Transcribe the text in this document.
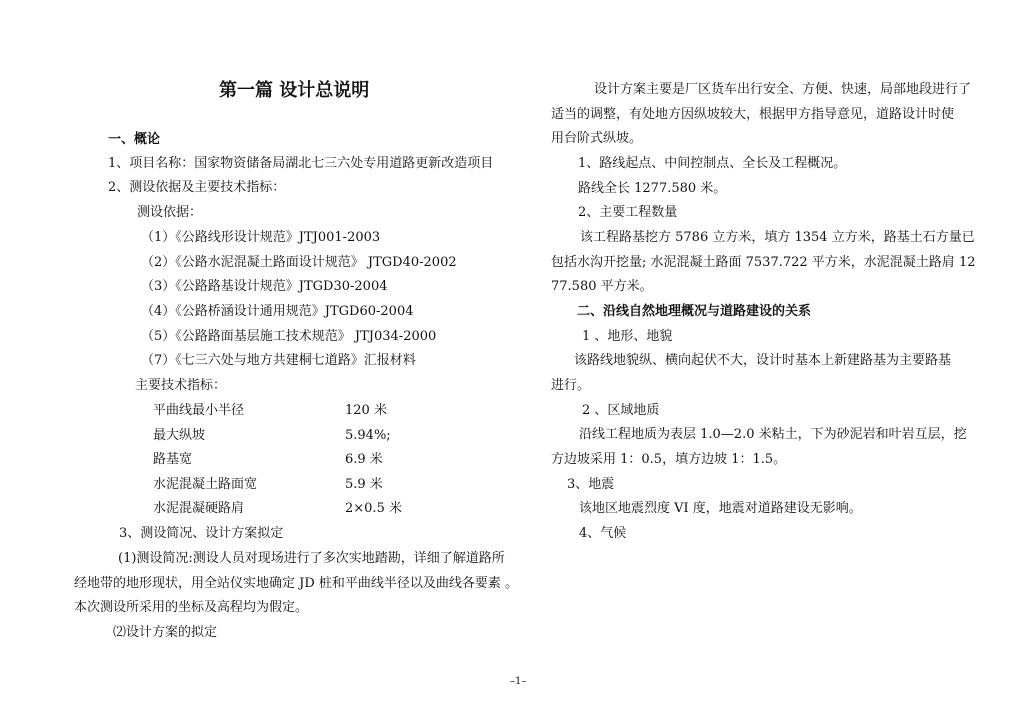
第一篇 设计总说明
一、概论
1、项目名称：国家物资储备局湖北七三六处专用道路更新改造项目
2、测设依据及主要技术指标：
测设依据：
（1）《公路线形设计规范》JTJ001-2003
（2）《公路水泥混凝土路面设计规范》 JTGD40-2002
（3）《公路路基设计规范》JTGD30-2004
（4）《公路桥涵设计通用规范》JTGD60-2004
（5）《公路路面基层施工技术规范》 JTJ034-2000
（7）《七三六处与地方共建桐七道路》汇报材料
主要技术指标：
平曲线最小半径	120 米
最大纵坡	5.94%;
路基宽	6.9 米
水泥混凝土路面宽	5.9 米
水泥混凝硬路肩	2×0.5 米
3、测设简况、设计方案拟定
(1)测设简况:测设人员对现场进行了多次实地踏勘，详细了解道路所
经地带的地形现状，用全站仪实地确定 JD 桩和平曲线半径以及曲线各要素 。
本次测设所采用的坐标及高程均为假定。
⑵设计方案的拟定
设计方案主要是厂区货车出行安全、方便、快速，局部地段进行了
适当的调整，有处地方因纵坡较大，根据甲方指导意见，道路设计时使
用台阶式纵坡。
1、路线起点、中间控制点、全长及工程概况。
路线全长 1277.580 米。
2、主要工程数量
该工程路基挖方 5786 立方米，填方 1354 立方米，路基土石方量已
包括水沟开挖量; 水泥混凝土路面 7537.722 平方米，水泥混凝土路肩 12
77.580 平方米。
二、沿线自然地理概况与道路建设的关系
1 、地形、地貌
该路线地貌纵、横向起伏不大，设计时基本上新建路基为主要路基
进行。
2 、区域地质
沿线工程地质为表层 1.0—2.0 米粘土，下为砂泥岩和叶岩互层，挖
方边坡采用 1：0.5，填方边坡 1：1.5。
3、地震
该地区地震烈度 VI 度，地震对道路建设无影响。
4、气候
–1–
